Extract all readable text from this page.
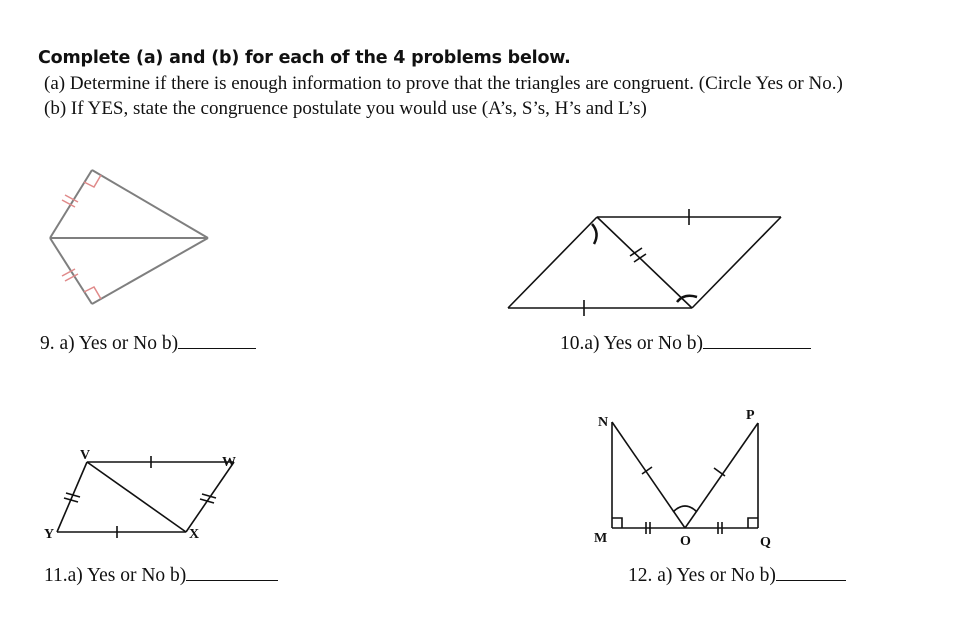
Complete (a) and (b) for each of the 4 problems below.
(a) Determine if there is enough information to prove that the triangles are congruent. (Circle Yes or No.)
(b) If YES, state the congruence postulate you would use (A’s, S’s, H’s and L’s)
V	W
X
Y
N	P
M	O	Q
9. a) Yes or No b)	10.a) Yes or No b)
11.a) Yes or No b)	12. a) Yes or No b)
